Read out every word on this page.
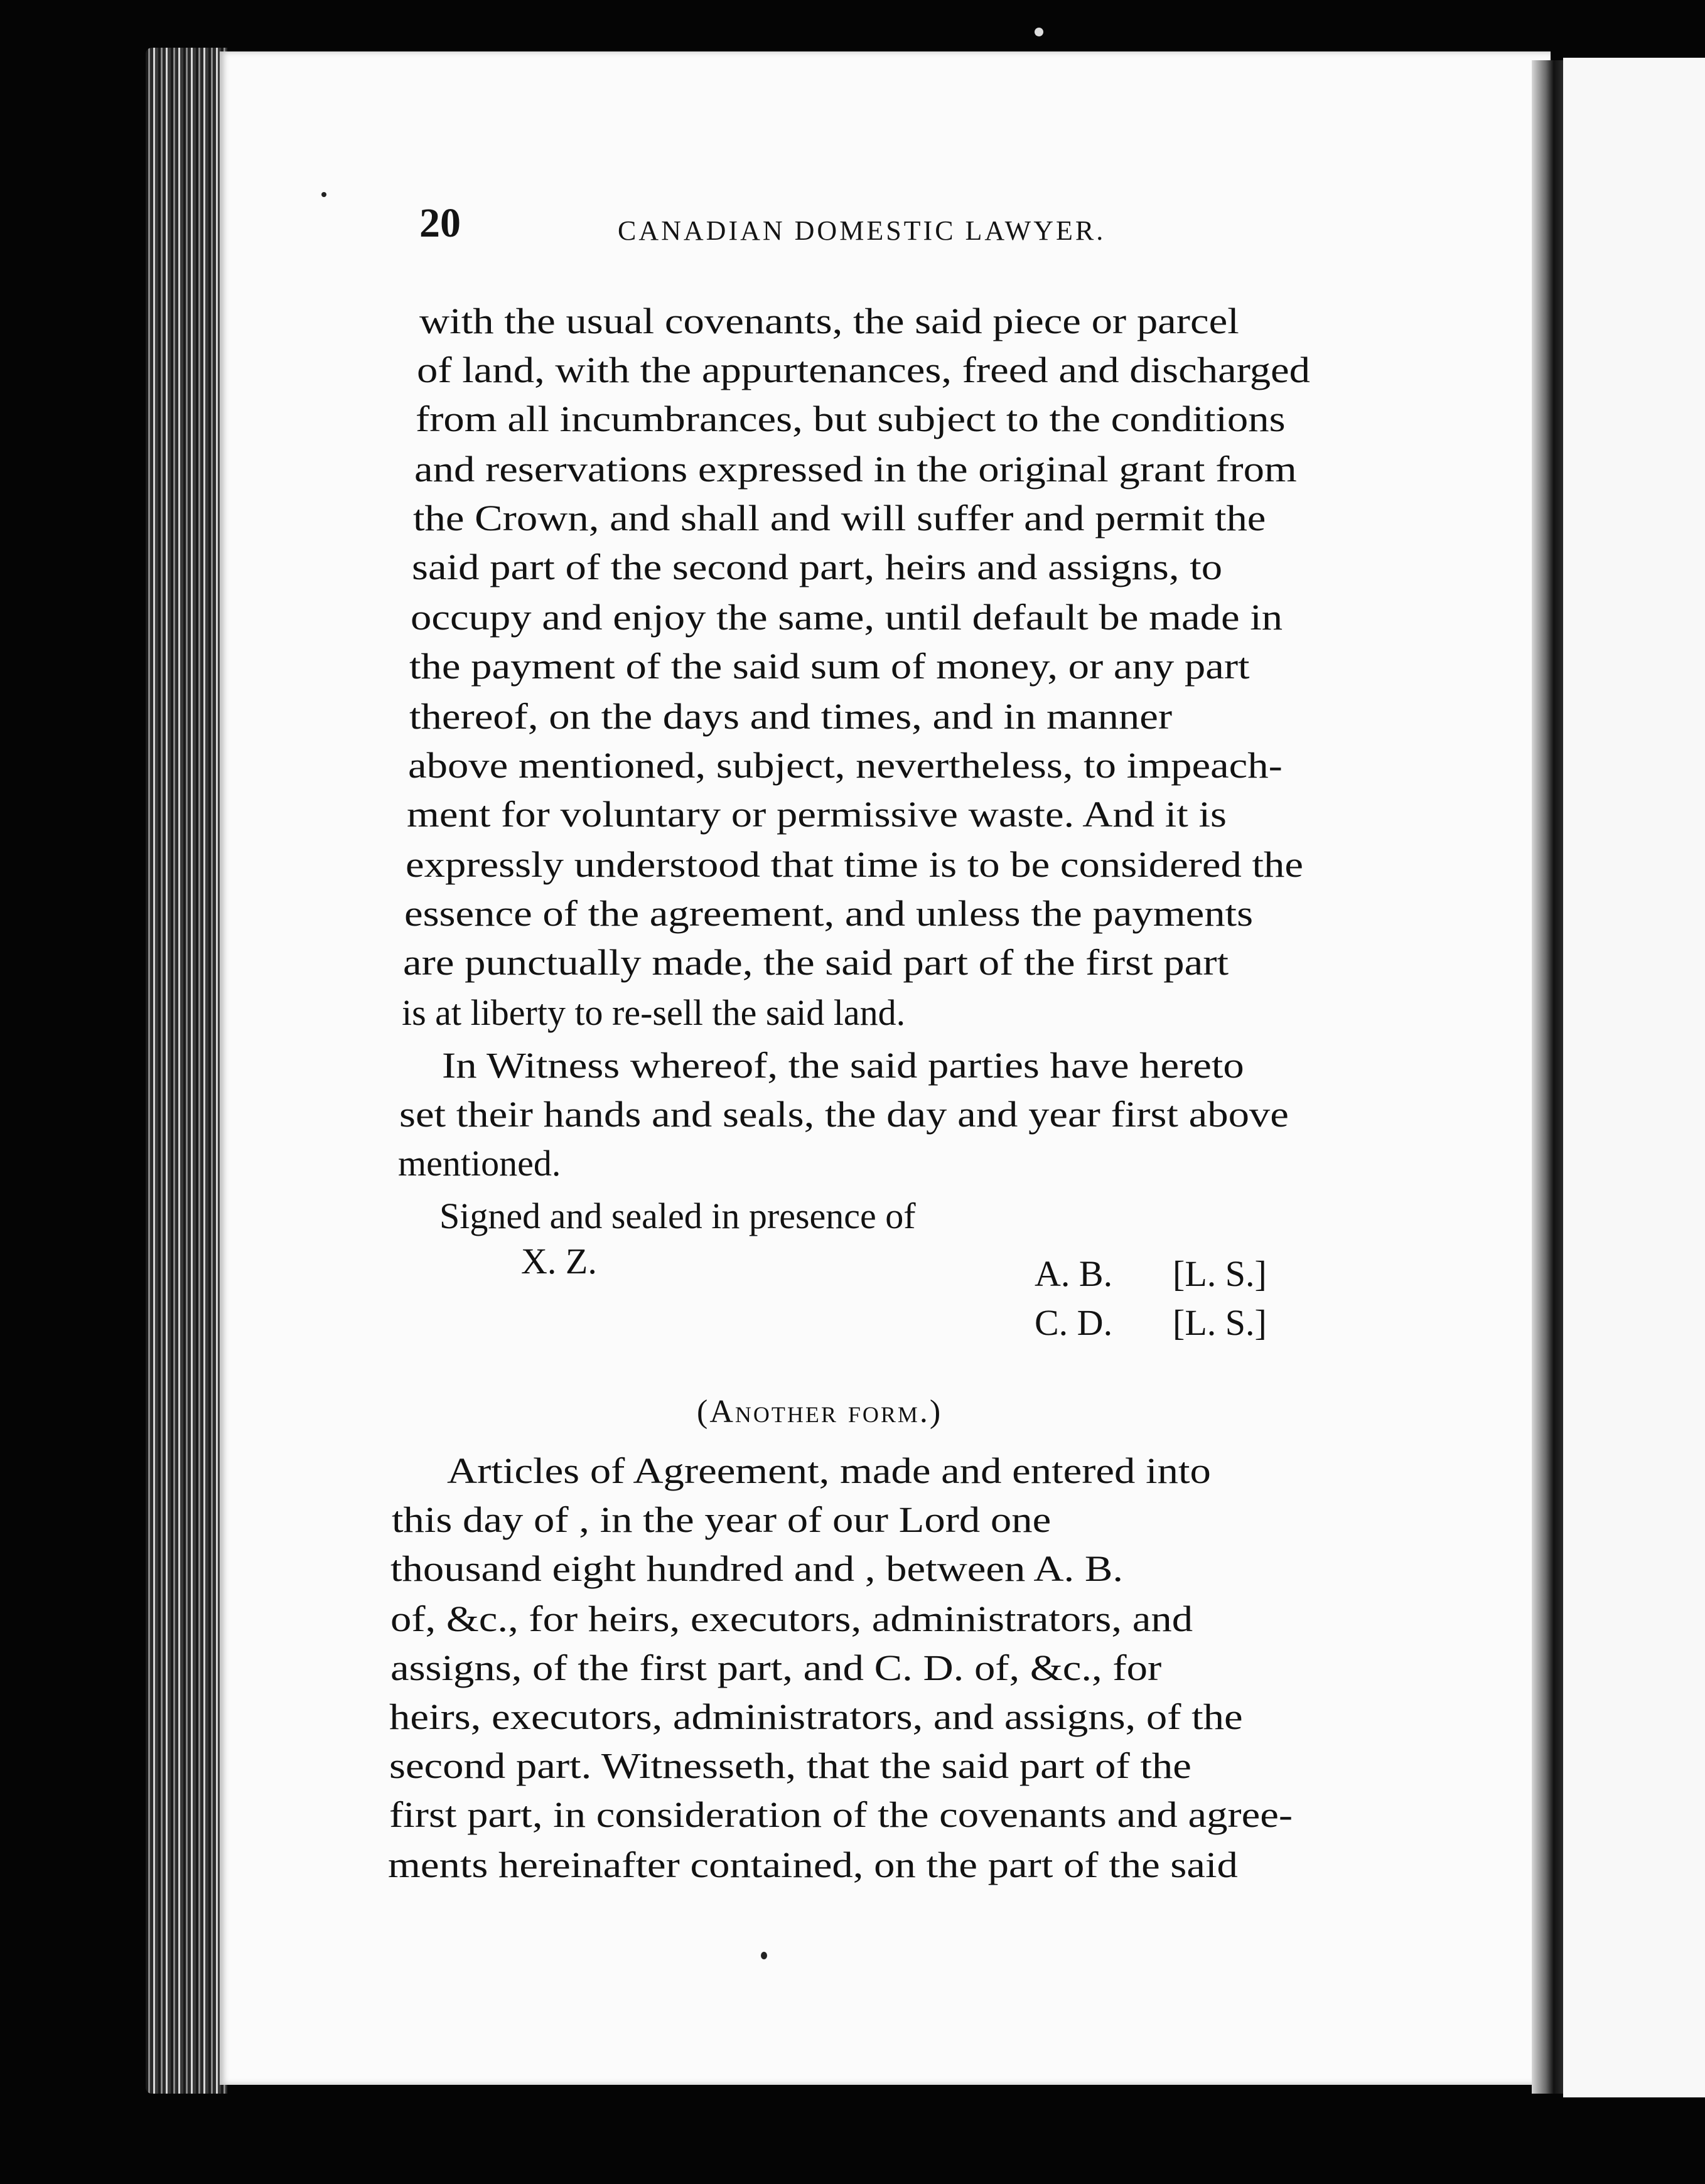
20	CANADIAN DOMESTIC LAWYER.
with the usual covenants, the said piece or parcel
of land, with the appurtenances, freed and discharged
from all incumbrances, but subject to the conditions
and reservations expressed in the original grant from
the Crown, and shall and will suffer and permit the
said part of the second part, heirs and assigns, to
occupy and enjoy the same, until default be made in
the payment of the said sum of money, or any part
thereof, on the days and times, and in manner
above mentioned, subject, nevertheless, to impeach-
ment for voluntary or permissive waste. And it is
expressly understood that time is to be considered the
essence of the agreement, and unless the payments
are punctually made, the said part of the first part
is at liberty to re-sell the said land.
In Witness whereof, the said parties have hereto
set their hands and seals, the day and year first above
mentioned.
Signed and sealed in presence of
X. Z.	A. B. [L. S.]
C. D. [L. S.]
(Another form.)
Articles of Agreement, made and entered into
this day of , in the year of our Lord one
thousand eight hundred and , between A. B.
of, &c., for heirs, executors, administrators, and
assigns, of the first part, and C. D. of, &c., for
heirs, executors, administrators, and assigns, of the
second part. Witnesseth, that the said part of the
first part, in consideration of the covenants and agree-
ments hereinafter contained, on the part of the said
